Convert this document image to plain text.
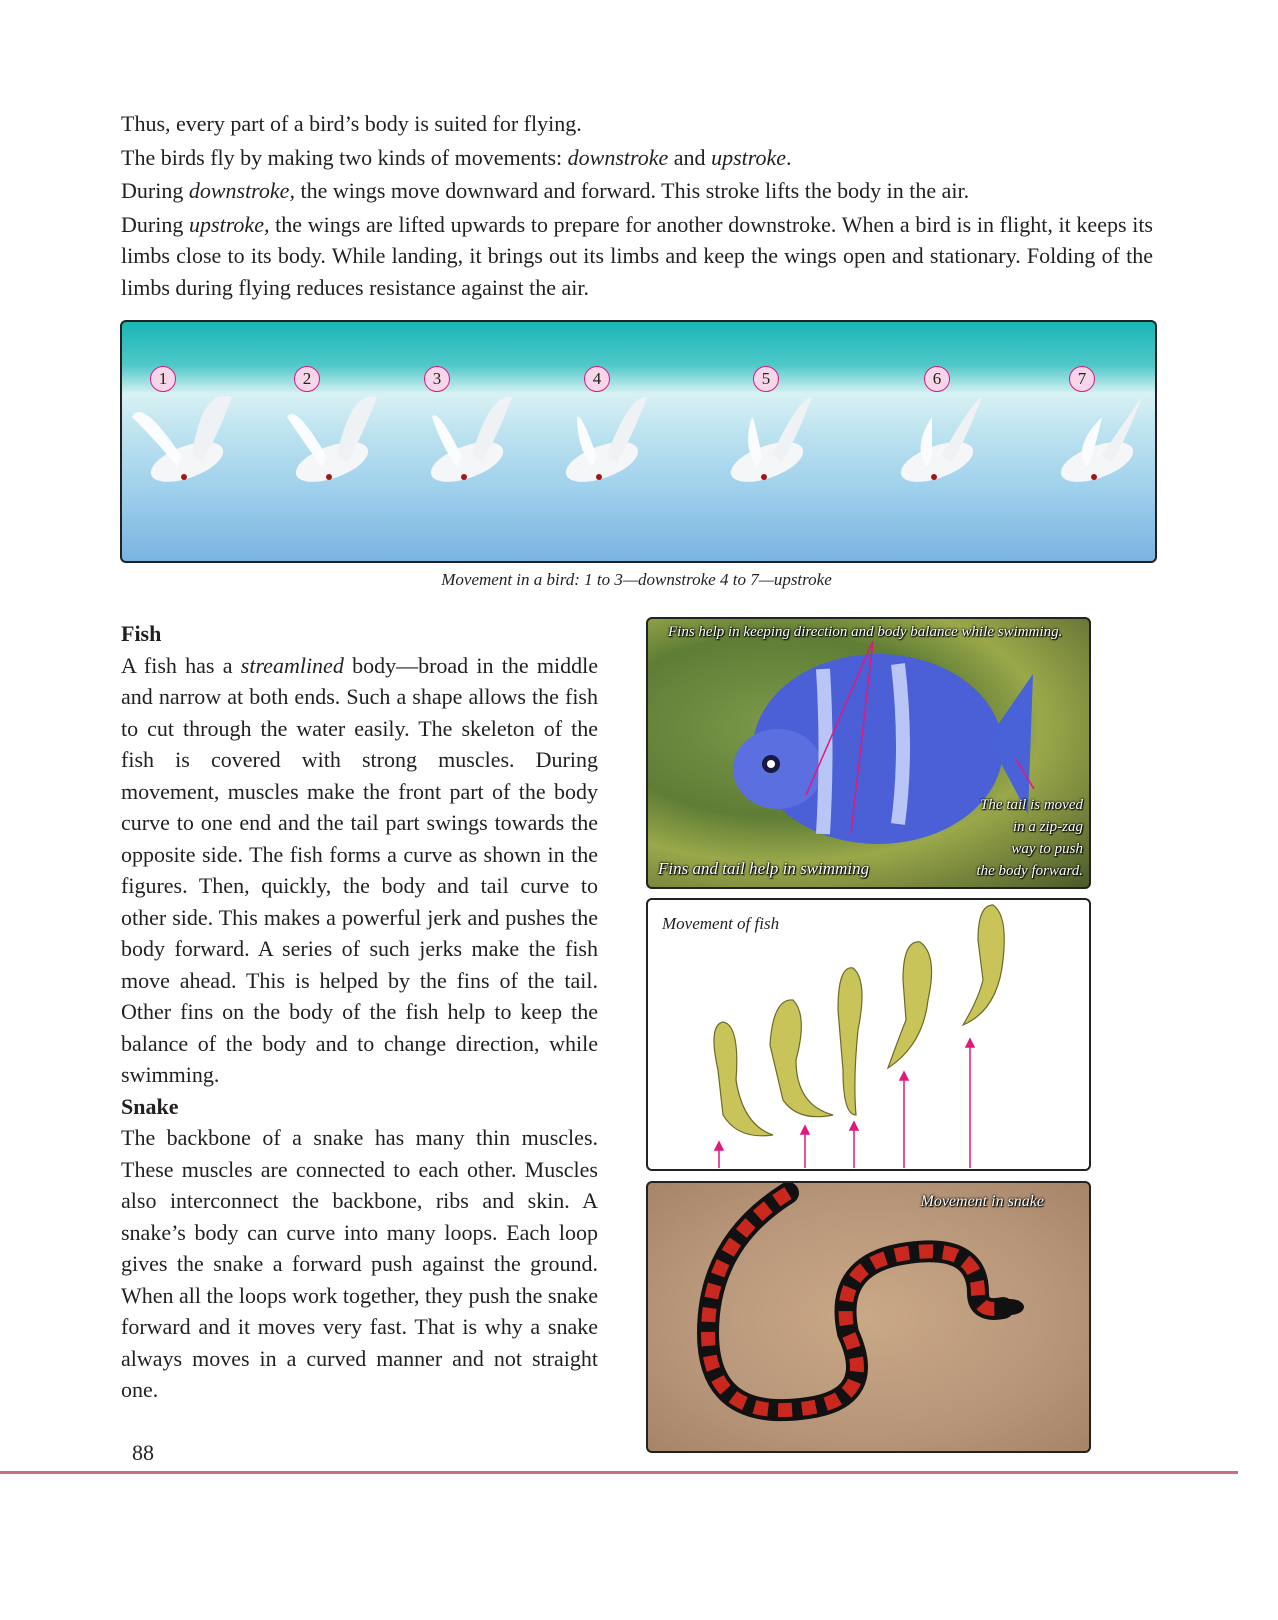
Thus, every part of a bird’s body is suited for flying.
The birds fly by making two kinds of movements: downstroke and upstroke.
During downstroke, the wings move downward and forward. This stroke lifts the body in the air.
During upstroke, the wings are lifted upwards to prepare for another downstroke. When a bird is in flight, it keeps its limbs close to its body. While landing, it brings out its limbs and keep the wings open and stationary. Folding of the limbs during flying reduces resistance against the air.
1	2	3	4	5	6	7
Movement in a bird: 1 to 3—downstroke 4 to 7—upstroke
Fish
A fish has a streamlined body—broad in the middle and narrow at both ends. Such a shape allows the fish to cut through the water easily. The skeleton of the fish is covered with strong muscles. During movement, muscles make the front part of the body curve to one end and the tail part swings towards the opposite side. The fish forms a curve as shown in the figures. Then, quickly, the body and tail curve to other side. This makes a powerful jerk and pushes the body forward. A series of such jerks make the fish move ahead. This is helped by the fins of the tail. Other fins on the body of the fish help to keep the balance of the body and to change direction, while swimming.
Snake
The backbone of a snake has many thin muscles. These muscles are connected to each other. Muscles also interconnect the backbone, ribs and skin. A snake’s body can curve into many loops. Each loop gives the snake a forward push against the ground. When all the loops work together, they push the snake forward and it moves very fast. That is why a snake always moves in a curved manner and not straight one.
Fins help in keeping direction and body balance while swimming.
Fins and tail help in swimming
The tail is moved
in a zip-zag
way to push
the body forward.
Movement of fish
Movement in snake
88
